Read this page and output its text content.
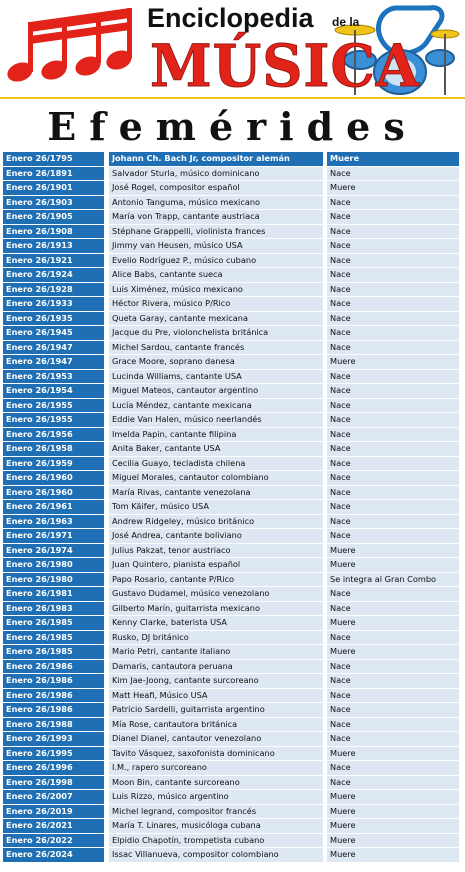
Enciclopedia de la
MÚSICA
Efemérides
Enero 26/1795	Johann Ch. Bach Jr, compositor alemán	Muere
Enero 26/1891	Salvador Sturla, músico dominicano	Nace
Enero 26/1901	José Rogel, compositor español	Muere
Enero 26/1903	Antonio Tanguma, músico mexicano	Nace
Enero 26/1905	María von Trapp, cantante austriaca	Nace
Enero 26/1908	Stéphane Grappelli, violinista frances	Nace
Enero 26/1913	Jimmy van Heusen, músico USA	Nace
Enero 26/1921	Evelio Rodríguez P., músico cubano	Nace
Enero 26/1924	Alice Babs, cantante sueca	Nace
Enero 26/1928	Luis Ximénez, músico mexicano	Nace
Enero 26/1933	Héctor Rivera, músico P/Rico	Nace
Enero 26/1935	Queta Garay, cantante mexicana	Nace
Enero 26/1945	Jacque du Pre, violonchelista británica	Nace
Enero 26/1947	Michel Sardou, cantante francés	Nace
Enero 26/1947	Grace Moore, soprano danesa	Muere
Enero 26/1953	Lucinda Williams, cantante USA	Nace
Enero 26/1954	Miguel Mateos, cantautor argentino	Nace
Enero 26/1955	Lucía Méndez, cantante mexicana	Nace
Enero 26/1955	Eddie Van Halen, músico neerlandés	Nace
Enero 26/1956	Imelda Papin, cantante filipina	Nace
Enero 26/1958	Anita Baker, cantante USA	Nace
Enero 26/1959	Cecilia Guayo, tecladista chilena	Nace
Enero 26/1960	Miguel Morales, cantautor colombiano	Nace
Enero 26/1960	María Rivas, cantante venezolana	Nace
Enero 26/1961	Tom Käifer, músico USA	Nace
Enero 26/1963	Andrew Ridgeley, músico británico	Nace
Enero 26/1971	José Andrea, cantante boliviano	Nace
Enero 26/1974	Julius Pakzat, tenor austriaco	Muere
Enero 26/1980	Juan Quintero, pianista español	Muere
Enero 26/1980	Papo Rosario, cantante P/Rico	Se integra al Gran Combo
Enero 26/1981	Gustavo Dudamel, músico venezolano	Nace
Enero 26/1983	Gilberto Marín, guitarrista mexicano	Nace
Enero 26/1985	Kenny Clarke, baterista USA	Muere
Enero 26/1985	Rusko, DJ británico	Nace
Enero 26/1985	Mario Petri, cantante italiano	Muere
Enero 26/1986	Damaris, cantautora peruana	Nace
Enero 26/1986	Kim Jae-Joong, cantante surcoreano	Nace
Enero 26/1986	Matt Heafi, Músico USA	Nace
Enero 26/1986	Patricio Sardelli, guitarrista argentino	Nace
Enero 26/1988	Mía Rose, cantautora británica	Nace
Enero 26/1993	Dianel Dianel, cantautor venezolano	Nace
Enero 26/1995	Tavito Vásquez, saxofonista dominicano	Muere
Enero 26/1996	I.M., rapero surcoreano	Nace
Enero 26/1998	Moon Bin, cantante surcoreano	Nace
Enero 26/2007	Luis Rizzo, músico argentino	Muere
Enero 26/2019	Michel legrand, compositor francés	Muere
Enero 26/2021	María T. Linares, musicóloga cubana	Muere
Enero 26/2022	Elpidio Chapotín, trompetista cubano	Muere
Enero 26/2024	Issac Villanueva, compositor colombiano	Muere
